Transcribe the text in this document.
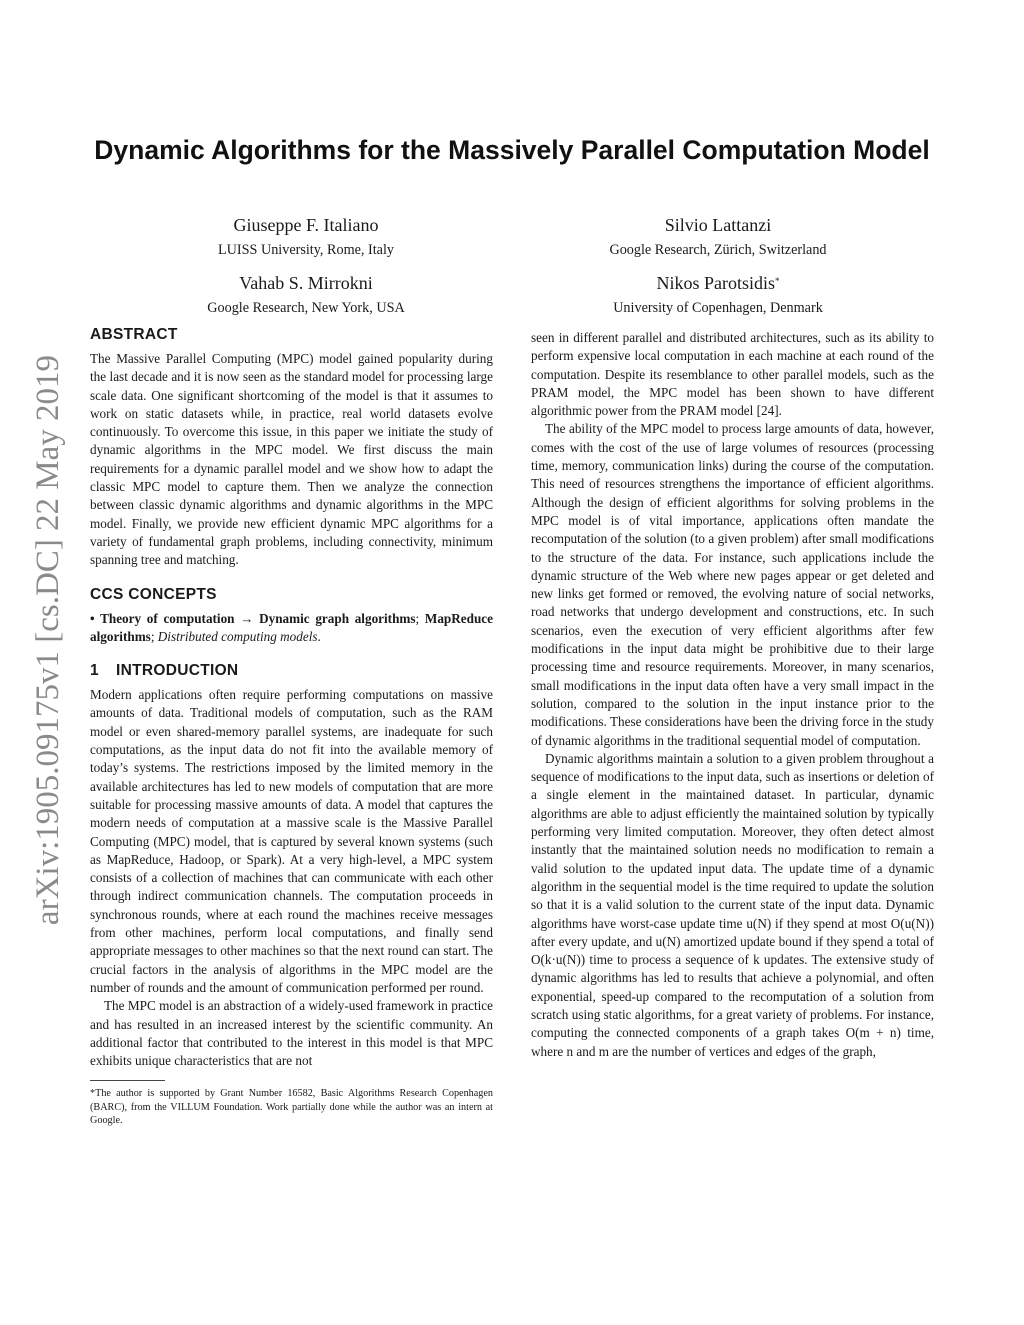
arXiv:1905.09175v1 [cs.DC] 22 May 2019
Dynamic Algorithms for the Massively Parallel Computation Model
Giuseppe F. Italiano
LUISS University, Rome, Italy
Silvio Lattanzi
Google Research, Zürich, Switzerland
Vahab S. Mirrokni
Google Research, New York, USA
Nikos Parotsidis*
University of Copenhagen, Denmark
ABSTRACT

The Massive Parallel Computing (MPC) model gained popularity during the last decade and it is now seen as the standard model for processing large scale data. One significant shortcoming of the model is that it assumes to work on static datasets while, in practice, real world datasets evolve continuously. To overcome this issue, in this paper we initiate the study of dynamic algorithms in the MPC model. We first discuss the main requirements for a dynamic parallel model and we show how to adapt the classic MPC model to capture them. Then we analyze the connection between classic dynamic algorithms and dynamic algorithms in the MPC model. Finally, we provide new efficient dynamic MPC algorithms for a variety of fundamental graph problems, including connectivity, minimum spanning tree and matching.

CCS CONCEPTS

• Theory of computation → Dynamic graph algorithms; MapReduce algorithms; Distributed computing models.

1 INTRODUCTION

Modern applications often require performing computations on massive amounts of data. Traditional models of computation, such as the RAM model or even shared-memory parallel systems, are inadequate for such computations, as the input data do not fit into the available memory of today’s systems. The restrictions imposed by the limited memory in the available architectures has led to new models of computation that are more suitable for processing massive amounts of data. A model that captures the modern needs of computation at a massive scale is the Massive Parallel Computing (MPC) model, that is captured by several known systems (such as MapReduce, Hadoop, or Spark). At a very high-level, a MPC system consists of a collection of machines that can communicate with each other through indirect communication channels. The computation proceeds in synchronous rounds, where at each round the machines receive messages from other machines, perform local computations, and finally send appropriate messages to other machines so that the next round can start. The crucial factors in the analysis of algorithms in the MPC model are the number of rounds and the amount of communication performed per round.

The MPC model is an abstraction of a widely-used framework in practice and has resulted in an increased interest by the scientific community. An additional factor that contributed to the interest in this model is that MPC exhibits unique characteristics that are not

*The author is supported by Grant Number 16582, Basic Algorithms Research Copenhagen (BARC), from the VILLUM Foundation. Work partially done while the author was an intern at Google.

seen in different parallel and distributed architectures, such as its ability to perform expensive local computation in each machine at each round of the computation. Despite its resemblance to other parallel models, such as the PRAM model, the MPC model has been shown to have different algorithmic power from the PRAM model [24].

The ability of the MPC model to process large amounts of data, however, comes with the cost of the use of large volumes of resources (processing time, memory, communication links) during the course of the computation. This need of resources strengthens the importance of efficient algorithms. Although the design of efficient algorithms for solving problems in the MPC model is of vital importance, applications often mandate the recomputation of the solution (to a given problem) after small modifications to the structure of the data. For instance, such applications include the dynamic structure of the Web where new pages appear or get deleted and new links get formed or removed, the evolving nature of social networks, road networks that undergo development and constructions, etc. In such scenarios, even the execution of very efficient algorithms after few modifications in the input data might be prohibitive due to their large processing time and resource requirements. Moreover, in many scenarios, small modifications in the input data often have a very small impact in the solution, compared to the solution in the input instance prior to the modifications. These considerations have been the driving force in the study of dynamic algorithms in the traditional sequential model of computation.

Dynamic algorithms maintain a solution to a given problem throughout a sequence of modifications to the input data, such as insertions or deletion of a single element in the maintained dataset. In particular, dynamic algorithms are able to adjust efficiently the maintained solution by typically performing very limited computation. Moreover, they often detect almost instantly that the maintained solution needs no modification to remain a valid solution to the updated input data. The update time of a dynamic algorithm in the sequential model is the time required to update the solution so that it is a valid solution to the current state of the input data. Dynamic algorithms have worst-case update time u(N) if they spend at most O(u(N)) after every update, and u(N) amortized update bound if they spend a total of O(k·u(N)) time to process a sequence of k updates. The extensive study of dynamic algorithms has led to results that achieve a polynomial, and often exponential, speed-up compared to the recomputation of a solution from scratch using static algorithms, for a great variety of problems. For instance, computing the connected components of a graph takes O(m + n) time, where n and m are the number of vertices and edges of the graph,
